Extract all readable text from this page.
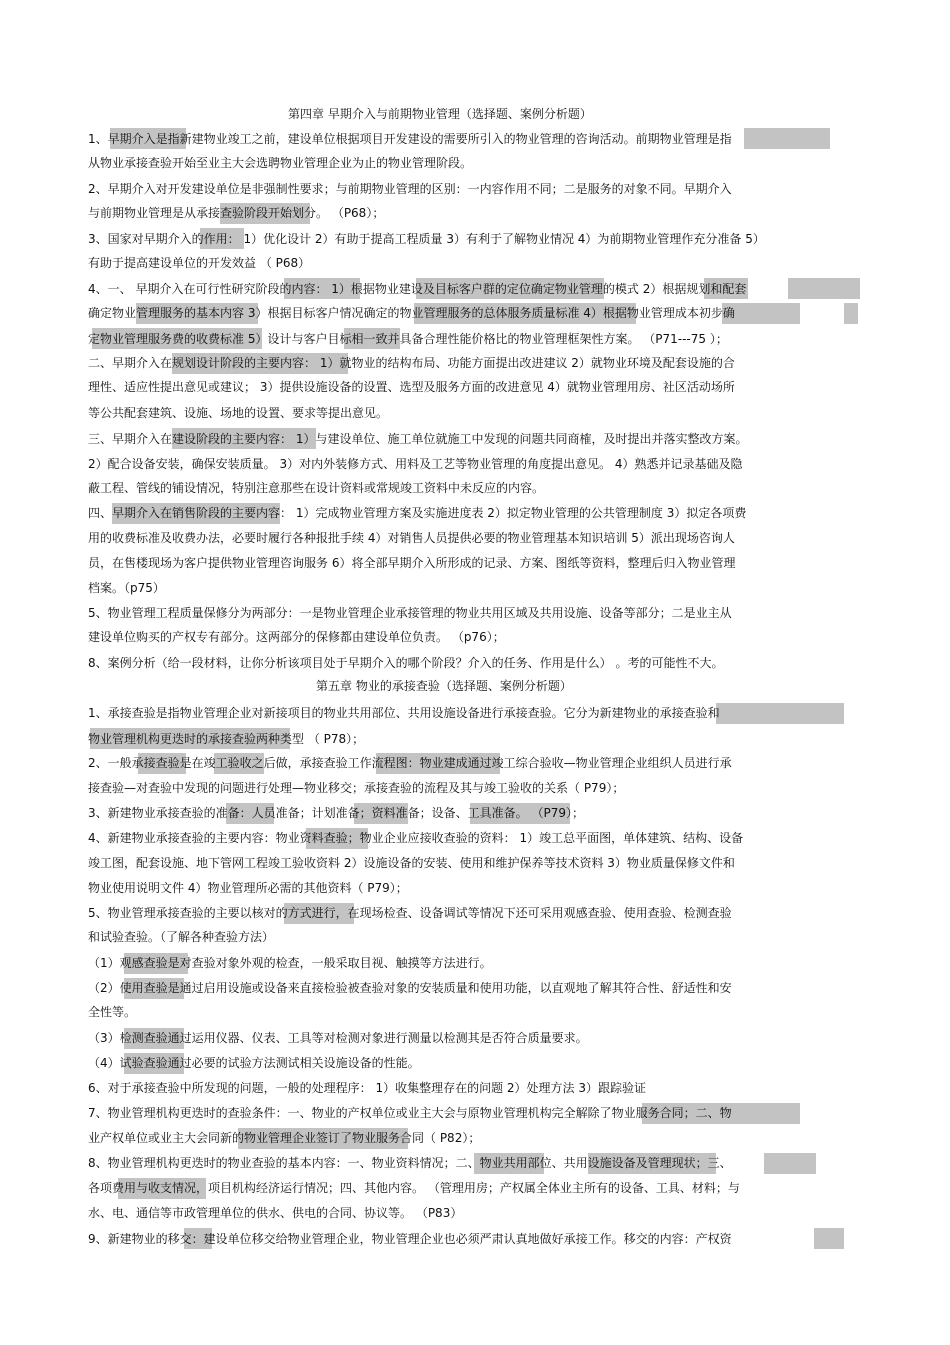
第四章 早期介入与前期物业管理（选择题、案例分析题）
1、早期介入是指新建物业竣工之前，建设单位根据项目开发建设的需要所引入的物业管理的咨询活动。前期物业管理是指
从物业承接查验开始至业主大会选聘物业管理企业为止的物业管理阶段。
2、早期介入对开发建设单位是非强制性要求；与前期物业管理的区别：一内容作用不同；二是服务的对象不同。早期介入
与前期物业管理是从承接查验阶段开始划分。 （P68）；
3、国家对早期介入的作用： 1）优化设计 2）有助于提高工程质量 3）有利于了解物业情况 4）为前期物业管理作充分准备 5）
有助于提高建设单位的开发效益 （ P68）
4、一、 早期介入在可行性研究阶段的内容： 1）根据物业建设及目标客户群的定位确定物业管理的模式 2）根据规划和配套
确定物业管理服务的基本内容 3）根据目标客户情况确定的物业管理服务的总体服务质量标准 4）根据物业管理成本初步确
定物业管理服务费的收费标准 5）设计与客户目标相一致并具备合理性能价格比的物业管理框架性方案。 （P71---75 ）；
二、早期介入在规划设计阶段的主要内容： 1）就物业的结构布局、功能方面提出改进建议 2）就物业环境及配套设施的合
理性、适应性提出意见或建议； 3）提供设施设备的设置、选型及服务方面的改进意见 4）就物业管理用房、社区活动场所
等公共配套建筑、设施、场地的设置、要求等提出意见。
三、早期介入在建设阶段的主要内容： 1）与建设单位、施工单位就施工中发现的问题共同商榷，及时提出并落实整改方案。
2）配合设备安装，确保安装质量。 3）对内外装修方式、用料及工艺等物业管理的角度提出意见。 4）熟悉并记录基础及隐
蔽工程、管线的铺设情况，特别注意那些在设计资料或常规竣工资料中未反应的内容。
四、早期介入在销售阶段的主要内容： 1）完成物业管理方案及实施进度表 2）拟定物业管理的公共管理制度 3）拟定各项费
用的收费标准及收费办法，必要时履行各种报批手续 4）对销售人员提供必要的物业管理基本知识培训 5）派出现场咨询人
员，在售楼现场为客户提供物业管理咨询服务 6）将全部早期介入所形成的记录、方案、图纸等资料，整理后归入物业管理
档案。（p75）
5、物业管理工程质量保修分为两部分：一是物业管理企业承接管理的物业共用区域及共用设施、设备等部分；二是业主从
建设单位购买的产权专有部分。这两部分的保修都由建设单位负责。 （p76）；
8、案例分析（给一段材料，让你分析该项目处于早期介入的哪个阶段？介入的任务、作用是什么） 。考的可能性不大。
第五章 物业的承接查验（选择题、案例分析题）
1、承接查验是指物业管理企业对新接项目的物业共用部位、共用设施设备进行承接查验。它分为新建物业的承接查验和
物业管理机构更迭时的承接查验两种类型 （ P78）；
2、一般承接查验是在竣工验收之后做，承接查验工作流程图：物业建成通过竣工综合验收—物业管理企业组织人员进行承
接查验—对查验中发现的问题进行处理—物业移交；承接查验的流程及其与竣工验收的关系（ P79）；
3、新建物业承接查验的准备：人员准备；计划准备；资料准备；设备、工具准备。 （P79）；
4、新建物业承接查验的主要内容：物业资料查验；物业企业应接收查验的资料： 1）竣工总平面图，单体建筑、结构、设备
竣工图，配套设施、地下管网工程竣工验收资料 2）设施设备的安装、使用和维护保养等技术资料 3）物业质量保修文件和
物业使用说明文件 4）物业管理所必需的其他资料（ P79）；
5、物业管理承接查验的主要以核对的方式进行，在现场检查、设备调试等情况下还可采用观感查验、使用查验、检测查验
和试验查验。（了解各种查验方法）
（1）观感查验是对查验对象外观的检查，一般采取目视、触摸等方法进行。
（2）使用查验是通过启用设施或设备来直接检验被查验对象的安装质量和使用功能，以直观地了解其符合性、舒适性和安
全性等。
（3）检测查验通过运用仪器、仪表、工具等对检测对象进行测量以检测其是否符合质量要求。
（4）试验查验通过必要的试验方法测试相关设施设备的性能。
6、对于承接查验中所发现的问题，一般的处理程序： 1）收集整理存在的问题 2）处理方法 3）跟踪验证
7、物业管理机构更迭时的查验条件：一、物业的产权单位或业主大会与原物业管理机构完全解除了物业服务合同；二、物
业产权单位或业主大会同新的物业管理企业签订了物业服务合同（ P82）；
8、物业管理机构更迭时的物业查验的基本内容：一、物业资料情况；二、物业共用部位、共用设施设备及管理现状；三、
各项费用与收支情况，项目机构经济运行情况；四、其他内容。 （管理用房；产权属全体业主所有的设备、工具、材料；与
水、电、通信等市政管理单位的供水、供电的合同、协议等。 （P83）
9、新建物业的移交：建设单位移交给物业管理企业，物业管理企业也必须严肃认真地做好承接工作。移交的内容：产权资
